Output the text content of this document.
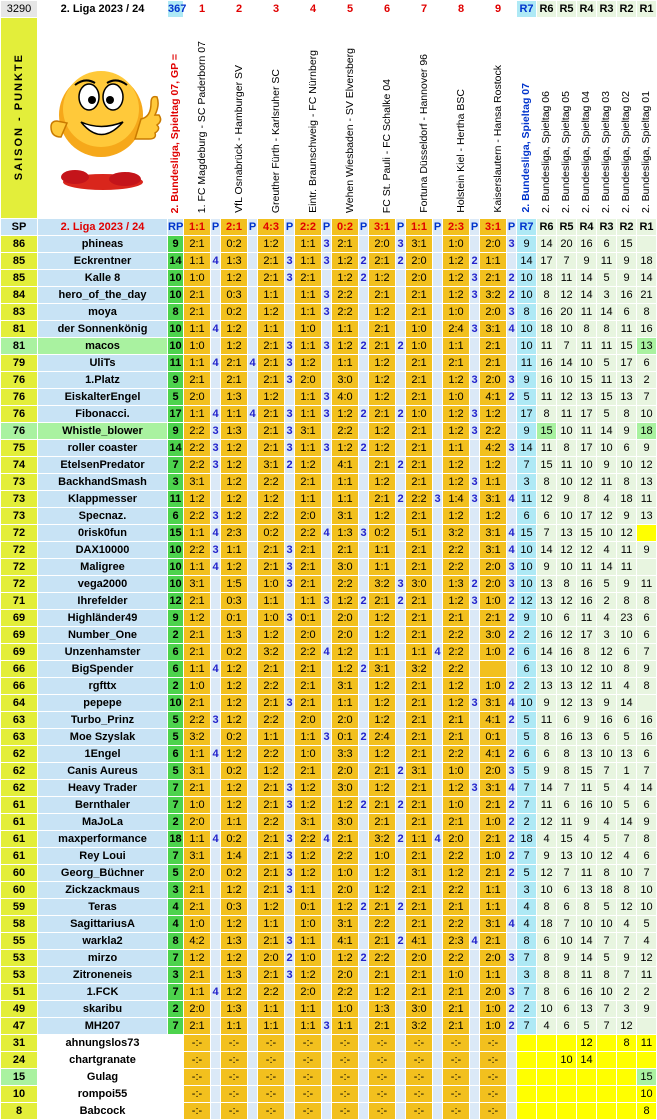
3290	2. Liga 2023 / 24	367	1		2		3		4		5		6		7		8		9		R7	R6	R5	R4	R3	R2	R1
SAISON - PUNKTE		2. Bundesliga, Spieltag 07, GP =	1. FC Magdeburg - SC Paderborn 07		VfL Osnabrück - Hamburger SV		Greuther Fürth - Karlsruher SC		Eintr. Braunschweig - FC Nürnberg		Wehen Wiesbaden - SV Elversberg		FC St. Pauli - FC Schalke 04		Fortuna Düsseldorf - Hannover 96		Holstein Kiel - Hertha BSC		Kaiserslautern - Hansa Rostock		2. Bundesliga, Spieltag 07	2. Bundesliga, Spieltag 06	2. Bundesliga, Spieltag 05	2. Bundesliga, Spieltag 04	2. Bundesliga, Spieltag 03	2. Bundesliga, Spieltag 02	2. Bundesliga, Spieltag 01
SP	2. Liga 2023 / 24	RP	1:1	P	2:1	P	4:3	P	2:2	P	0:2	P	3:1	P	1:1	P	2:3	P	3:1	P	R7	R6	R5	R4	R3	R2	R1
86	phineas	9	2:1		0:2		1:2		1:1	3	2:1		2:0	3	3:1		1:0		2:0	3	9	14	20	16	6	15	
85	Eckrentner	14	1:1	4	1:3		2:1	3	1:1	3	1:2	2	2:1	2	2:0		1:2	2	1:1		14	17	7	9	11	9	18
85	Kalle 8	10	1:0		1:2		2:1	3	2:1		1:2	2	1:2		2:0		1:2	3	2:1	2	10	18	11	14	5	9	14
84	hero_of_the_day	10	2:1		0:3		1:1		1:1	3	2:2		2:1		2:1		1:2	3	3:2	2	10	8	12	14	3	16	21
83	moya	8	2:1		0:2		1:2		1:1	3	2:2		1:2		2:1		1:0		2:0	3	8	16	20	11	14	6	8
81	der Sonnenkönig	10	1:1	4	1:2		1:1		1:0		1:1		2:1		1:0		2:4	3	3:1	4	10	18	10	8	8	11	16
81	macos	10	1:0		1:2		2:1	3	1:1	3	1:2	2	2:1	2	1:0		1:1		2:1		10	11	7	11	11	15	13
79	UliTs	11	1:1	4	2:1	4	2:1	3	1:2		1:1		1:2		2:1		2:1		2:1		11	16	14	10	5	17	6
76	1.Platz	9	2:1		2:1		2:1	3	2:0		3:0		1:2		2:1		1:2	3	2:0	3	9	16	10	15	11	13	2
76	EiskalterEngel	5	2:0		1:3		1:2		1:1	3	4:0		1:2		2:1		1:0		4:1	2	5	11	12	13	15	13	7
76	Fibonacci.	17	1:1	4	1:1	4	2:1	3	1:1	3	1:2	2	2:1	2	1:0		1:2	3	1:2		17	8	11	17	5	8	10
76	Whistle_blower	9	2:2	3	1:3		2:1	3	3:1		2:2		1:2		2:1		1:2	3	2:2		9	15	10	11	14	9	18
75	roller coaster	14	2:2	3	1:2		2:1	3	1:1	3	1:2	2	1:2		2:1		1:1		4:2	3	14	11	8	17	10	6	9
74	EtelsenPredator	7	2:2	3	1:2		3:1	2	1:2		4:1		2:1	2	2:1		1:2		1:2		7	15	11	10	9	10	12
73	BackhandSmash	3	3:1		1:2		2:2		2:1		1:1		1:2		2:1		1:2	3	1:1		3	8	10	12	11	8	13
73	Klappmesser	11	1:2		1:2		1:2		1:1		1:1		2:1	2	2:2	3	1:4	3	3:1	4	11	12	9	8	4	18	11
73	Specnaz.	6	2:2	3	1:2		2:2		2:0		3:1		1:2		2:1		1:2		1:2		6	6	10	17	12	9	13
72	0risk0fun	15	1:1	4	2:3		0:2		2:2	4	1:3	3	0:2		5:1		3:2		3:1	4	15	7	13	15	10	12	
72	DAX10000	10	2:2	3	1:1		2:1	3	2:1		2:1		1:1		2:1		2:2		3:1	4	10	14	12	12	4	11	9
72	Maligree	10	1:1	4	1:2		2:1	3	2:1		3:0		1:1		2:1		2:2		2:0	3	10	9	10	11	14	11	
72	vega2000	10	3:1		1:5		1:0	3	2:1		2:2		3:2	3	3:0		1:3	2	2:0	3	10	13	8	16	5	9	11
71	Ihrefelder	12	2:1		0:3		1:1		1:1	3	1:2	2	2:1	2	2:1		1:2	3	1:0	2	12	13	12	16	2	8	8
69	Highländer49	9	1:2		0:1		1:0	3	0:1		2:0		1:2		2:1		2:1		2:1	2	9	10	6	11	4	23	6
69	Number_One	2	2:1		1:3		1:2		2:0		2:0		1:2		2:1		2:2		3:0	2	2	16	12	17	3	10	6
69	Unzenhamster	6	2:1		0:2		3:2		2:2	4	1:2		1:1		1:1	4	2:2		1:0	2	6	14	16	8	12	6	7
66	BigSpender	6	1:1	4	1:2		2:1		2:1		1:2	2	3:1		3:2		2:2				6	13	10	12	10	8	9
66	rgfttx	2	1:0		1:2		2:2		2:1		3:1		1:2		2:1		1:2		1:0	2	2	13	13	12	11	4	8
64	pepepe	10	2:1		1:2		2:1	3	2:1		1:1		1:2		2:1		1:2	3	3:1	4	10	9	12	13	9	14	
63	Turbo_Prinz	5	2:2	3	1:2		2:2		2:0		2:0		1:2		2:1		2:1		4:1	2	5	11	6	9	16	6	16
63	Moe Szyslak	5	3:2		0:2		1:1		1:1	3	0:1	2	2:4		2:1		2:1		0:1		5	8	16	13	6	5	16
62	1Engel	6	1:1	4	1:2		2:2		1:0		3:3		1:2		2:1		2:2		4:1	2	6	6	8	13	10	13	6
62	Canis Aureus	5	3:1		0:2		1:2		2:1		2:0		2:1	2	3:1		1:0		2:0	3	5	9	8	15	7	1	7
62	Heavy Trader	7	2:1		1:2		2:1	3	1:2		3:0		1:2		2:1		1:2	3	3:1	4	7	14	7	11	5	4	14
61	Bernthaler	7	1:0		1:2		2:1	3	1:2		1:2	2	2:1	2	2:1		1:0		2:1	2	7	11	6	16	10	5	6
61	MaJoLa	2	2:0		1:1		2:2		3:1		3:0		2:1		2:1		2:1		1:0	2	2	12	11	9	4	14	9
61	maxperformance	18	1:1	4	0:2		2:1	3	2:2	4	2:1		3:2	2	1:1	4	2:0		2:1	2	18	4	15	4	5	7	8
61	Rey Loui	7	3:1		1:4		2:1	3	1:2		2:2		1:0		2:1		2:2		1:0	2	7	9	13	10	12	4	6
60	Georg_Büchner	5	2:0		0:2		2:1	3	1:2		1:0		1:2		3:1		1:2		2:1	2	5	12	7	11	8	10	7
60	Zickzackmaus	3	2:1		1:2		2:1	3	1:1		2:0		1:2		2:1		2:2		1:1		3	10	6	13	18	8	10
59	Teras	4	2:1		0:3		1:2		0:1		1:2	2	2:1	2	2:1		2:1		1:1		4	8	6	8	5	12	10
58	SagittariusA	4	1:0		1:2		1:1		1:0		3:1		2:2		2:1		2:2		3:1	4	4	18	7	10	10	4	5
55	warkla2	8	4:2		1:3		2:1	3	1:1		4:1		2:1	2	4:1		2:3	4	2:1		8	6	10	14	7	7	4
53	mirzo	7	1:2		1:2		2:0	2	1:0		1:2	2	2:2		2:0		2:2		2:0	3	7	8	9	14	5	9	12
53	Zitroneneis	3	2:1		1:3		2:1	3	1:2		2:0		2:1		2:1		1:0		1:1		3	8	8	11	8	7	11
51	1.FCK	7	1:1	4	1:2		2:2		2:0		2:2		1:2		2:1		2:1		2:0	3	7	8	6	16	10	2	2
49	skaribu	2	2:0		1:3		1:1		1:1		1:0		1:3		3:0		2:1		1:0	2	2	10	6	13	7	3	9
47	MH207	7	2:1		1:1		1:1		1:1	3	1:1		2:1		3:2		2:1		1:0	2	7	4	6	5	7	12	
31	ahnungslos73		-:-		-:-		-:-		-:-		-:-		-:-		-:-		-:-		-:-					12		8	11
24	chartgranate		-:-		-:-		-:-		-:-		-:-		-:-		-:-		-:-		-:-				10	14			
15	Gulag		-:-		-:-		-:-		-:-		-:-		-:-		-:-		-:-		-:-								15
10	rompoi55		-:-		-:-		-:-		-:-		-:-		-:-		-:-		-:-		-:-								10
8	Babcock		-:-		-:-		-:-		-:-		-:-		-:-		-:-		-:-		-:-								8
